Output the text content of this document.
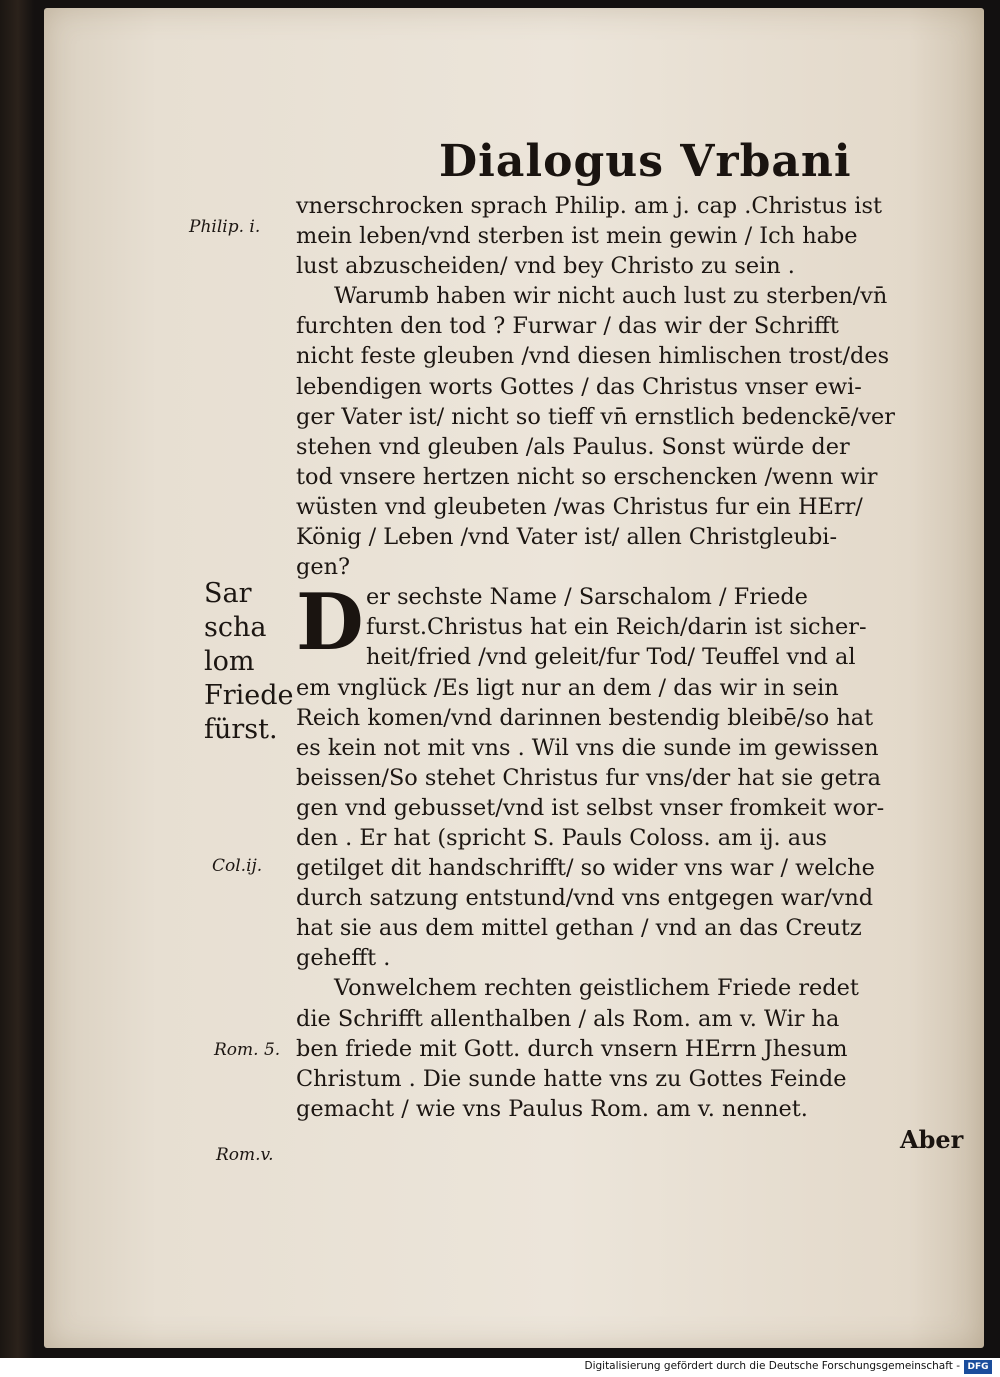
Dialogus Vrbani
Philip. i.
Sar
scha
lom
Friede
fürst.
Col.ij.
Rom. 5.
Rom.v.
vnerschrocken sprach Philip. am j. cap .Christus ist
mein leben/vnd sterben ist mein gewin / Ich habe
lust abzuscheiden/ vnd bey Christo zu sein .
Warumb haben wir nicht auch lust zu sterben/vn̄
furchten den tod ? Furwar / das wir der Schrifft
nicht feste gleuben /vnd diesen himlischen trost/des
lebendigen worts Gottes / das Christus vnser ewi-
ger Vater ist/ nicht so tieff vn̄ ernstlich bedenckē/ver
stehen vnd gleuben /als Paulus. Sonst würde der
tod vnsere hertzen nicht so erschencken /wenn wir
wüsten vnd gleubeten /was Christus fur ein HErr/
König / Leben /vnd Vater ist/ allen Christgleubi-
gen?
D er sechste Name / Sarschalom / Friede
furst.Christus hat ein Reich/darin ist sicher-
heit/fried /vnd geleit/fur Tod/ Teuffel vnd al
em vnglück /Es ligt nur an dem / das wir in sein
Reich komen/vnd darinnen bestendig bleibē/so hat
es kein not mit vns . Wil vns die sunde im gewissen
beissen/So stehet Christus fur vns/der hat sie getra
gen vnd gebusset/vnd ist selbst vnser fromkeit wor-
den . Er hat (spricht S. Pauls Coloss. am ij. aus
getilget dit handschrifft/ so wider vns war / welche
durch satzung entstund/vnd vns entgegen war/vnd
hat sie aus dem mittel gethan / vnd an das Creutz
gehefft .
Vonwelchem rechten geistlichem Friede redet
die Schrifft allenthalben / als Rom. am v. Wir ha
ben friede mit Gott. durch vnsern HErrn Jhesum
Christum . Die sunde hatte vns zu Gottes Feinde
gemacht / wie vns Paulus Rom. am v. nennet.
Aber
Digitalisierung gefördert durch die Deutsche Forschungsgemeinschaft - DFG
